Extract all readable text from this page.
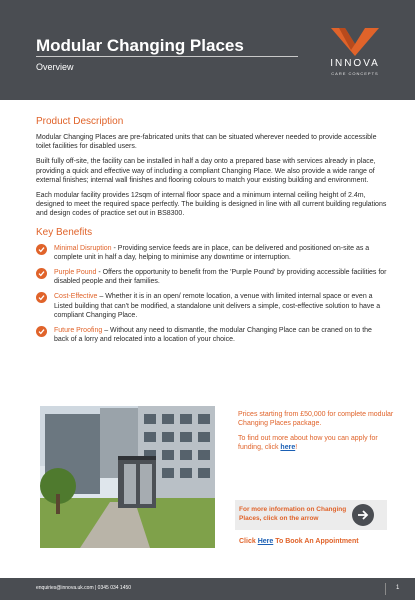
Modular Changing Places
Overview	INNOVA
CARE CONCEPTS
Product Description

Modular Changing Places are pre-fabricated units that can be situated wherever needed to provide accessible toilet facilities for disabled users.

Built fully off-site, the facility can be installed in half a day onto a prepared base with services already in place, providing a quick and effective way of including a compliant Changing Place. We also provide a wide range of external finishes; internal wall finishes and flooring colours to match your existing building and environment.

Each modular facility provides 12sqm of internal floor space and a minimum internal ceiling height of 2.4m, designed to meet the required space perfectly. The building is designed in line with all current building regulations and design codes of practice set out in BS8300.

Key Benefits
Minimal Disruption - Providing service feeds are in place, can be delivered and positioned on-site as a complete unit in half a day, helping to minimise any downtime or interruption.
Purple Pound - Offers the opportunity to benefit from the 'Purple Pound' by providing accessible facilities for disabled people and their families.
Cost-Effective – Whether it is in an open/ remote location, a venue with limited internal space or even a Listed building that can't be modified, a standalone unit delivers a simple, cost-effective solution to have a compliant Changing Place.
Future Proofing – Without any need to dismantle, the modular Changing Place can be craned on to the back of a lorry and relocated into a location of your choice.

Prices starting from £50,000 for complete modular Changing Places package.

To find out more about how you can apply for funding, click here!

For more information on Changing Places, click on the arrow
Click Here To Book An Appointment
enquiries@innova.uk.com | 0345 034 1450	1
